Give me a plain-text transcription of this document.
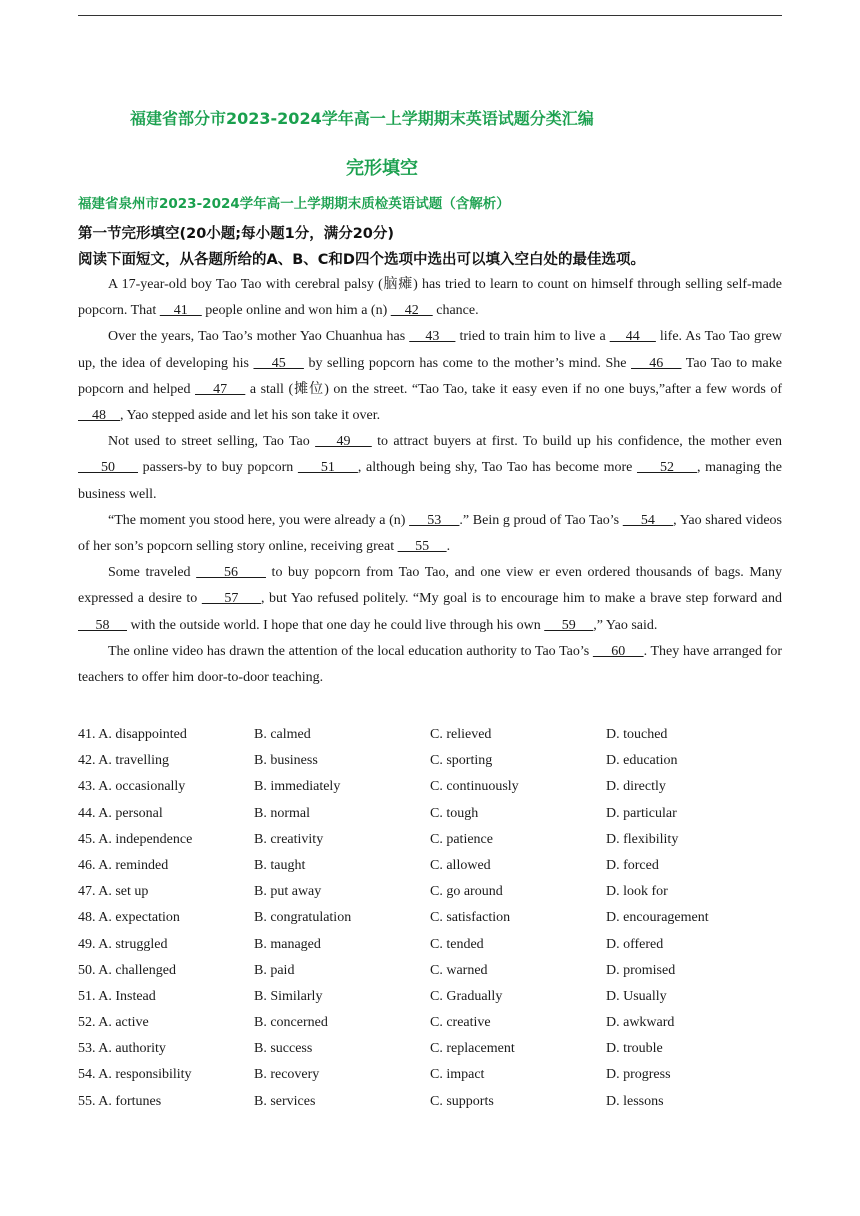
福建省部分市2023-2024学年高一上学期期末英语试题分类汇编
完形填空
福建省泉州市2023-2024学年高一上学期期末质检英语试题（含解析）
第一节完形填空(20小题;每小题1分，满分20分)
阅读下面短文，从各题所给的A、B、C和D四个选项中选出可以填入空白处的最佳选项。

A 17-year-old boy Tao Tao with cerebral palsy (脑瘫) has tried to learn to count on himself through selling self-made popcorn. That     41     people online and won him a (n)     42     chance.

Over the years, Tao Tao’s mother Yao Chuanhua has     43     tried to train him to live a     44     life. As Tao Tao grew up, the idea of developing his     45     by selling popcorn has come to the mother’s mind. She     46     Tao Tao to make popcorn and helped     47     a stall (摊位) on the street. “Tao Tao, take it easy even if no one buys,”after a few words of     48    , Yao stepped aside and let his son take it over.

Not used to street selling, Tao Tao     49     to attract buyers at first. To build up his confidence, the mother even      50      passers-by to buy popcorn      51     , although being shy, Tao Tao has become more      52     , managing the business well.

“The moment you stood here, you were already a (n)      53     .” Bein g proud of Tao Tao’s      54     , Yao shared videos of her son’s popcorn selling story online, receiving great      55     .

Some traveled      56      to buy popcorn from Tao Tao, and one view er even ordered thousands of bags. Many expressed a desire to      57     , but Yao refused politely. “My goal is to encourage him to make a brave step forward and      58      with the outside world. I hope that one day he could live through his own      59     ,” Yao said.

The online video has drawn the attention of the local education authority to Tao Tao’s      60     . They have arranged for teachers to offer him door-to-door teaching.

41. A. disappointed	B. calmed	C. relieved	D. touched
42. A. travelling	B. business	C. sporting	D. education
43. A. occasionally	B. immediately	C. continuously	D. directly
44. A. personal	B. normal	C. tough	D. particular
45. A. independence	B. creativity	C. patience	D. flexibility
46. A. reminded	B. taught	C. allowed	D. forced
47. A. set up	B. put away	C. go around	D. look for
48. A. expectation	B. congratulation	C. satisfaction	D. encouragement
49. A. struggled	B. managed	C. tended	D. offered
50. A. challenged	B. paid	C. warned	D. promised
51. A. Instead	B. Similarly	C. Gradually	D. Usually
52. A. active	B. concerned	C. creative	D. awkward
53. A. authority	B. success	C. replacement	D. trouble
54. A. responsibility	B. recovery	C. impact	D. progress
55. A. fortunes	B. services	C. supports	D. lessons
